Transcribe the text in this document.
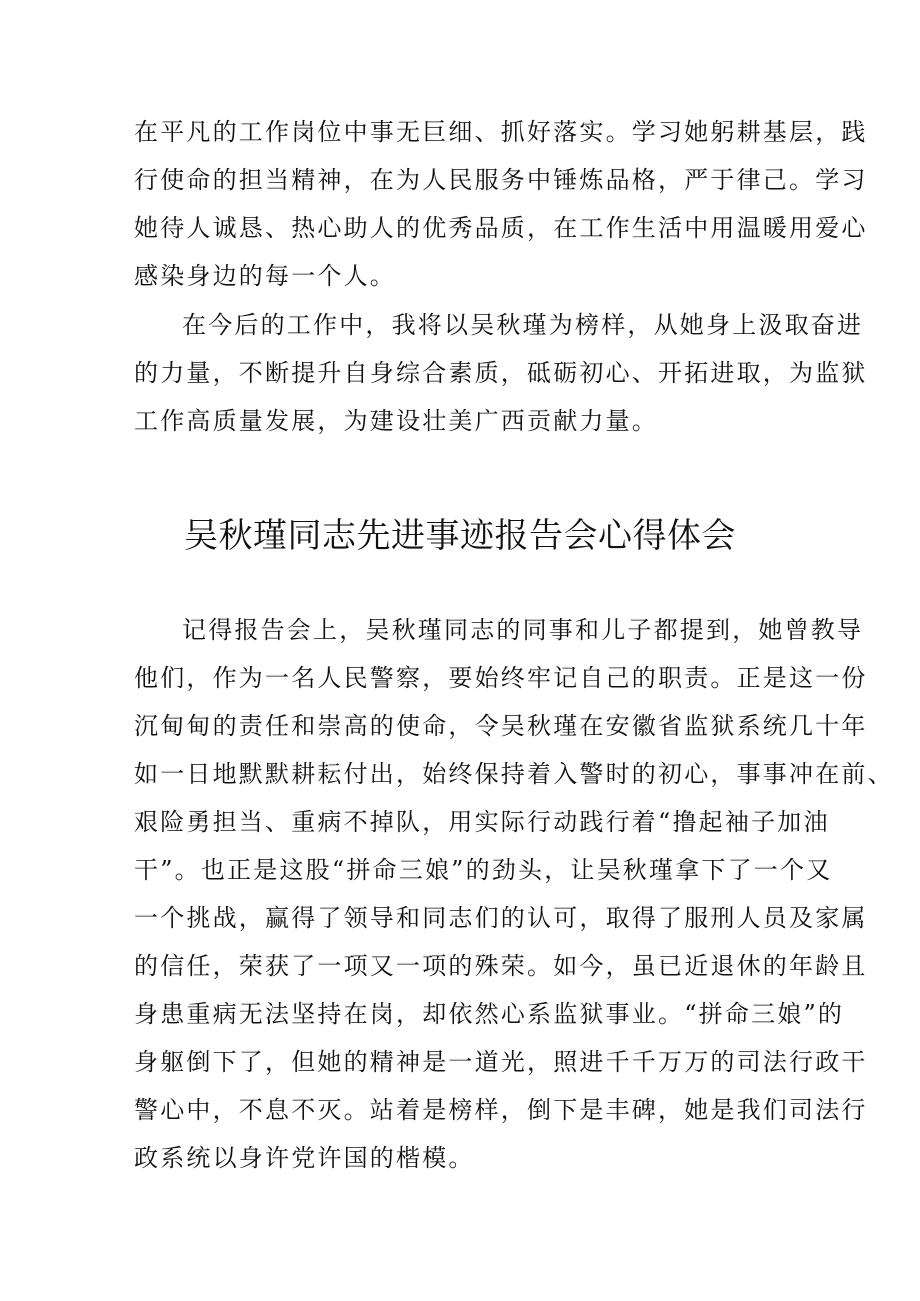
在平凡的工作岗位中事无巨细、抓好落实。学习她躬耕基层，践
行使命的担当精神，在为人民服务中锤炼品格，严于律己。学习
她待人诚恳、热心助人的优秀品质，在工作生活中用温暖用爱心
感染身边的每一个人。
在今后的工作中，我将以吴秋瑾为榜样，从她身上汲取奋进
的力量，不断提升自身综合素质，砥砺初心、开拓进取，为监狱
工作高质量发展，为建设壮美广西贡献力量。
吴秋瑾同志先进事迹报告会心得体会
记得报告会上，吴秋瑾同志的同事和儿子都提到，她曾教导
他们，作为一名人民警察，要始终牢记自己的职责。正是这一份
沉甸甸的责任和崇高的使命，令吴秋瑾在安徽省监狱系统几十年
如一日地默默耕耘付出，始终保持着入警时的初心，事事冲在前、
艰险勇担当、重病不掉队，用实际行动践行着“撸起袖子加油
干”。也正是这股“拼命三娘”的劲头，让吴秋瑾拿下了一个又
一个挑战，赢得了领导和同志们的认可，取得了服刑人员及家属
的信任，荣获了一项又一项的殊荣。如今，虽已近退休的年龄且
身患重病无法坚持在岗，却依然心系监狱事业。“拼命三娘”的
身躯倒下了，但她的精神是一道光，照进千千万万的司法行政干
警心中，不息不灭。站着是榜样，倒下是丰碑，她是我们司法行
政系统以身许党许国的楷模。
